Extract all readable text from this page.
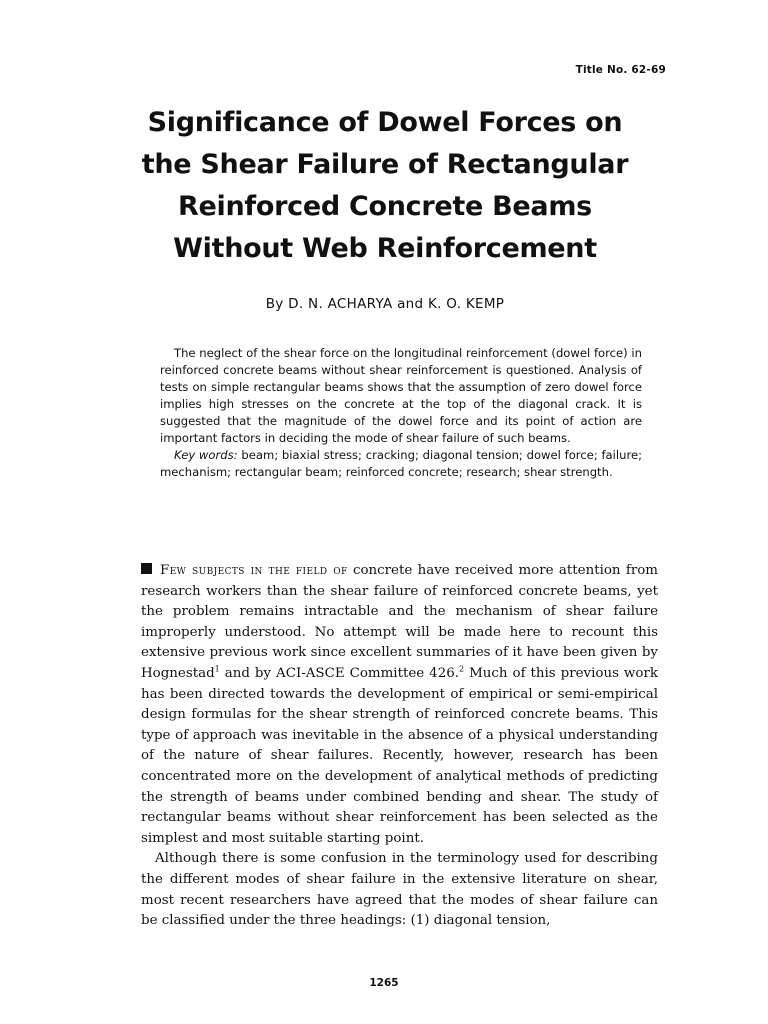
Title No. 62-69
Significance of Dowel Forces on
the Shear Failure of Rectangular
Reinforced Concrete Beams
Without Web Reinforcement
By D. N. ACHARYA and K. O. KEMP

The neglect of the shear force on the longitudinal reinforcement (dowel force) in reinforced concrete beams without shear reinforcement is questioned. Analysis of tests on simple rectangular beams shows that the assumption of zero dowel force implies high stresses on the concrete at the top of the diagonal crack. It is suggested that the magnitude of the dowel force and its point of action are important factors in deciding the mode of shear failure of such beams.

Key words: beam; biaxial stress; cracking; diagonal tension; dowel force; failure; mechanism; rectangular beam; reinforced concrete; research; shear strength.

Few subjects in the field of concrete have received more attention from research workers than the shear failure of reinforced concrete beams, yet the problem remains intractable and the mechanism of shear failure improperly understood. No attempt will be made here to recount this extensive previous work since excellent summaries of it have been given by Hognestad$^1$ and by ACI-ASCE Committee 426.$^2$ Much of this previous work has been directed towards the development of empirical or semi-empirical design formulas for the shear strength of reinforced concrete beams. This type of approach was inevitable in the absence of a physical understanding of the nature of shear failures. Recently, however, research has been concentrated more on the development of analytical methods of predicting the strength of beams under combined bending and shear. The study of rectangular beams without shear reinforcement has been selected as the simplest and most suitable starting point.

Although there is some confusion in the terminology used for describing the different modes of shear failure in the extensive literature on shear, most recent researchers have agreed that the modes of shear failure can be classified under the three headings: (1) diagonal tension,

1265
